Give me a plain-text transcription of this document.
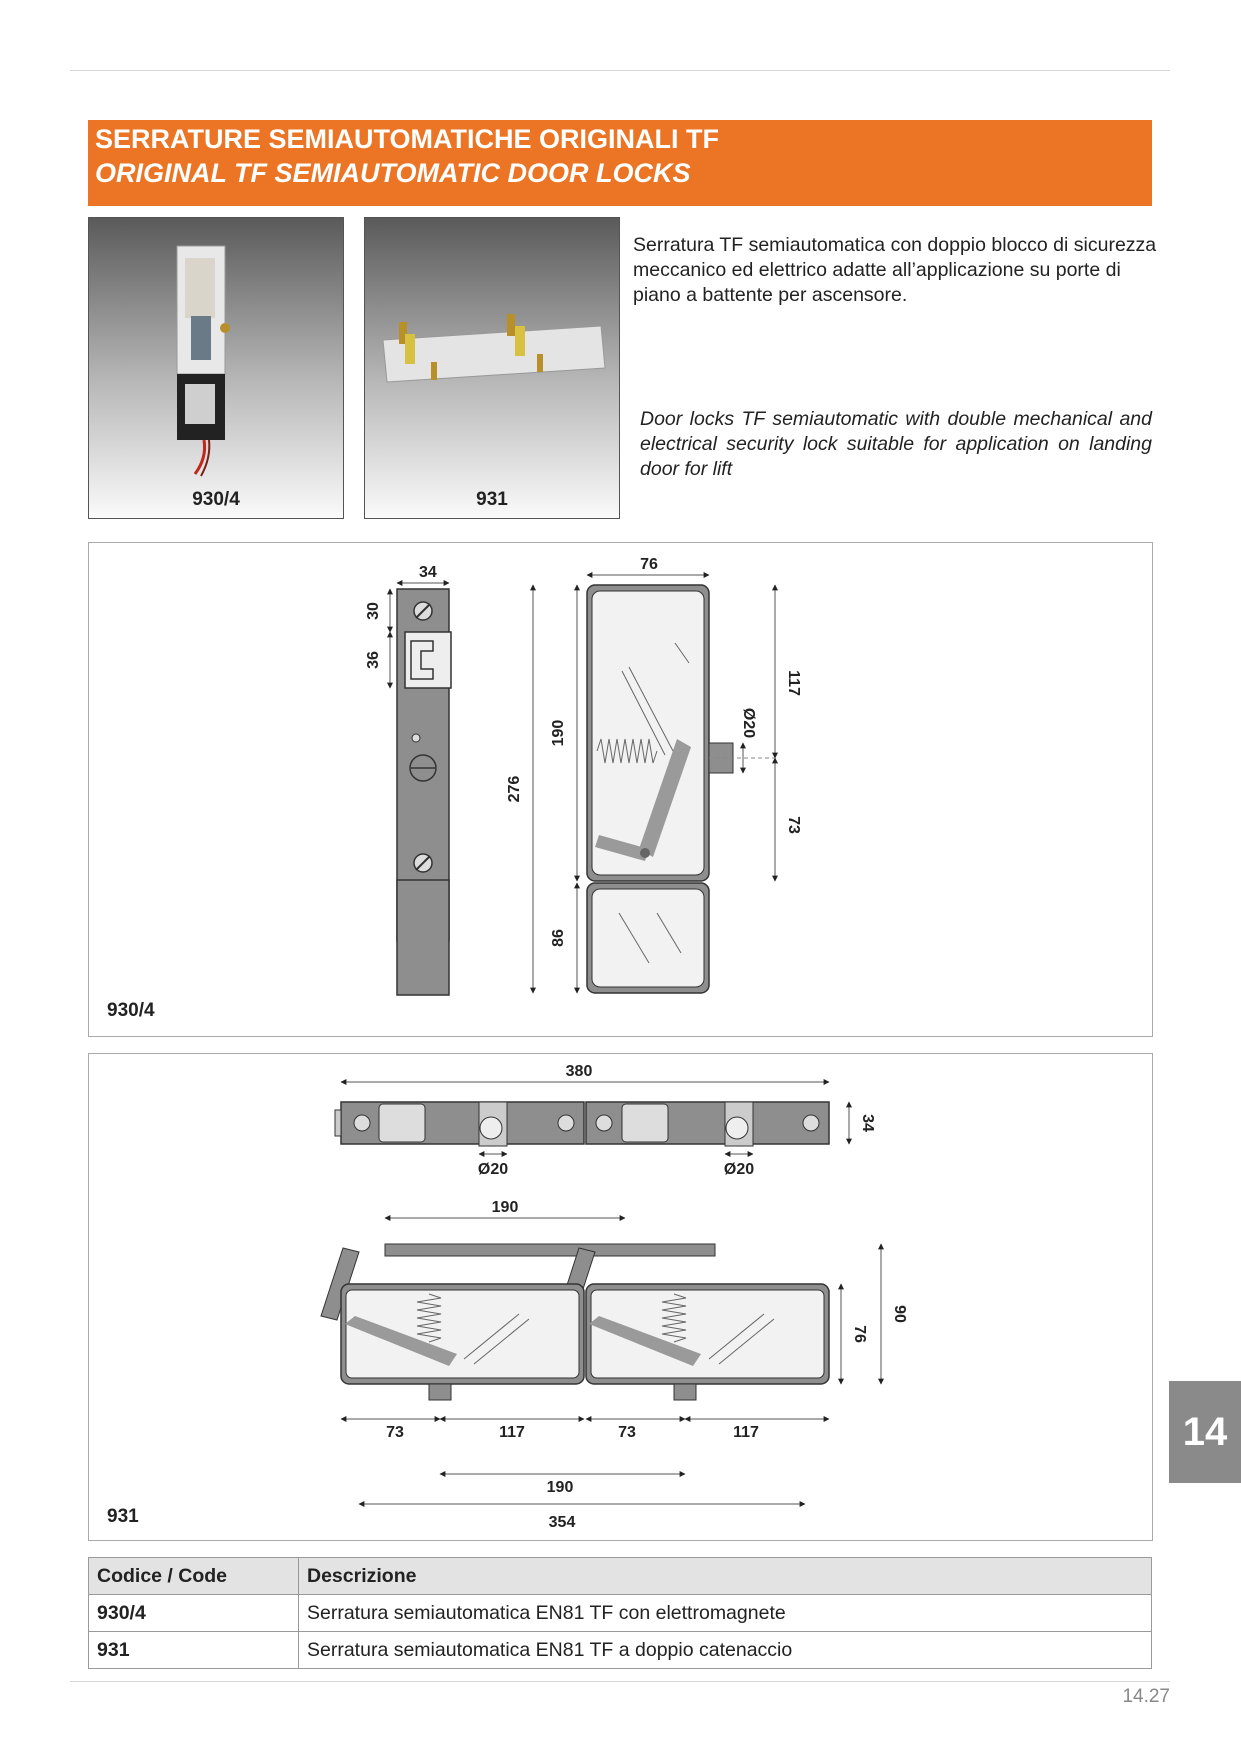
SERRATURE SEMIAUTOMATICHE ORIGINALI TF
ORIGINAL TF SEMIAUTOMATIC DOOR LOCKS
930/4	931
Serratura TF semiautomatica con doppio blocco di sicurezza meccanico ed elettrico adatte all’applicazione su porte di piano a battente per ascensore.
Door locks TF semiautomatic with double mechanical and electrical security lock suitable for application on landing door for lift
34
30
36
76
276
190
86
117
73
Ø20
930/4
380
34
Ø20	Ø20
190
76
90
73	117	73	117
190
354
931
Codice / Code	Descrizione
930/4	Serratura semiautomatica EN81 TF con elettromagnete
931	Serratura semiautomatica EN81 TF a doppio catenaccio
14
14.27
